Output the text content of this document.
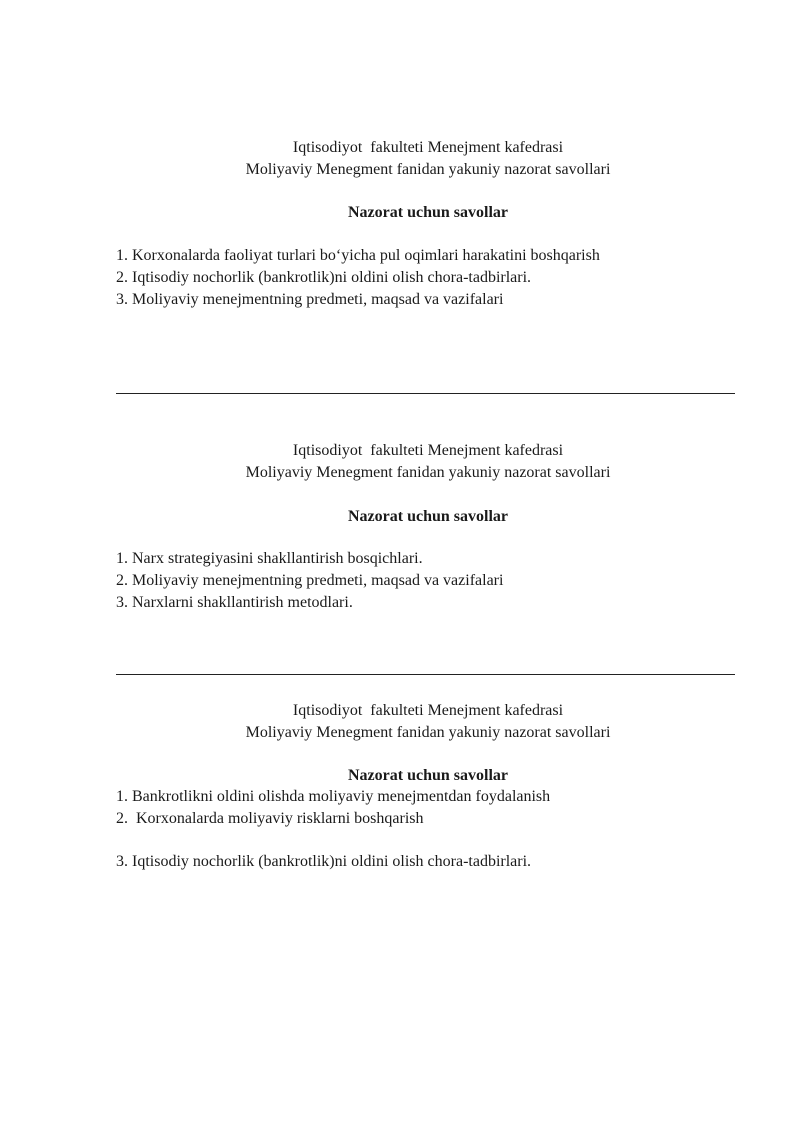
Iqtisodiyot  fakulteti Menejment kafedrasi
Moliyaviy Menegment fanidan yakuniy nazorat savollari
Nazorat uchun savollar
1. Korxonalarda faoliyat turlari bo‘yicha pul oqimlari harakatini boshqarish
2. Iqtisodiy nochorlik (bankrotlik)ni oldini olish chora-tadbirlari.
3. Moliyaviy menejmentning predmeti, maqsad va vazifalari
Iqtisodiyot  fakulteti Menejment kafedrasi
Moliyaviy Menegment fanidan yakuniy nazorat savollari
Nazorat uchun savollar
1. Narx strategiyasini shakllantirish bosqichlari.
2. Moliyaviy menejmentning predmeti, maqsad va vazifalari
3. Narxlarni shakllantirish metodlari.
Iqtisodiyot  fakulteti Menejment kafedrasi
Moliyaviy Menegment fanidan yakuniy nazorat savollari
Nazorat uchun savollar
1. Bankrotlikni oldini olishda moliyaviy menejmentdan foydalanish
2.  Korxonalarda moliyaviy risklarni boshqarish
3. Iqtisodiy nochorlik (bankrotlik)ni oldini olish chora-tadbirlari.
